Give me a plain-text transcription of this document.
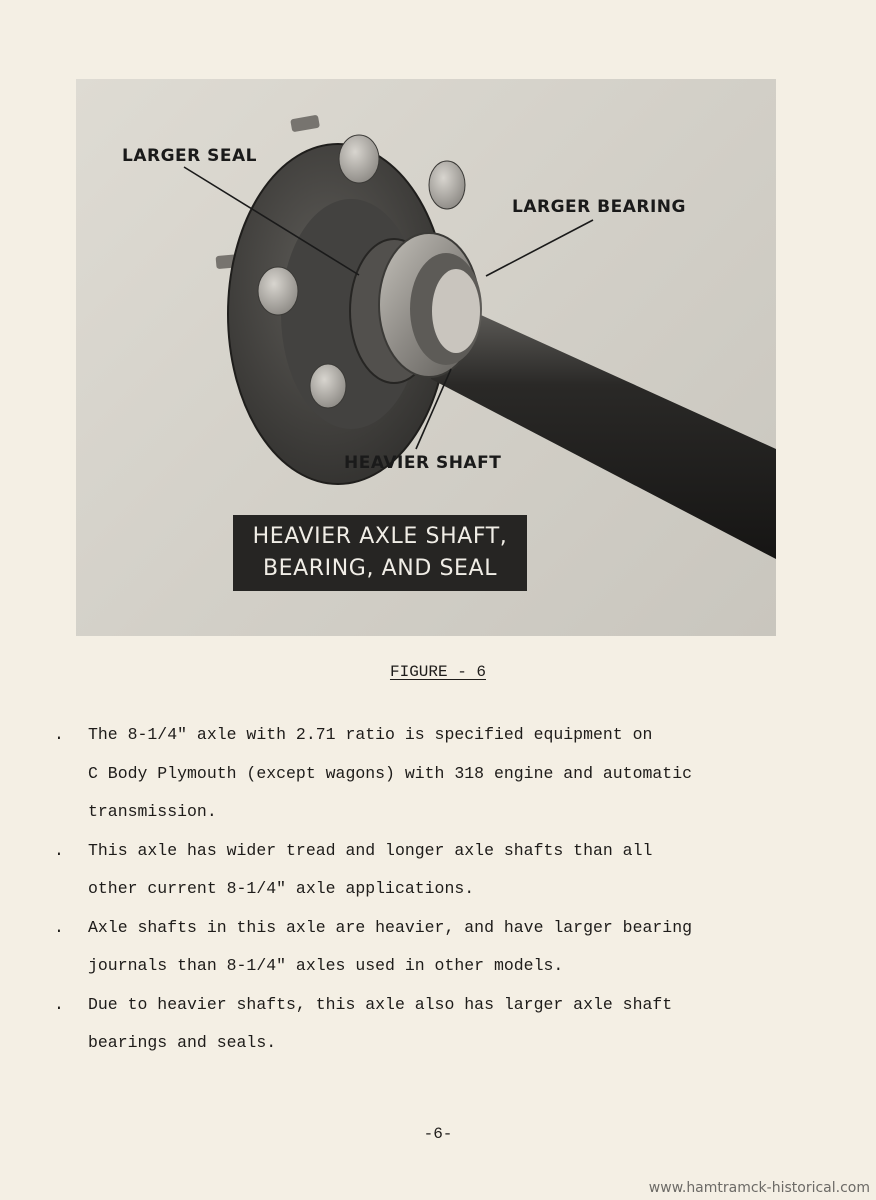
LARGER SEAL
LARGER BEARING
HEAVIER SHAFT
HEAVIER AXLE SHAFT,
BEARING, AND SEAL
FIGURE - 6
. The 8-1/4" axle with 2.71 ratio is specified equipment on
C Body Plymouth (except wagons) with 318 engine and automatic
transmission.
. This axle has wider tread and longer axle shafts than all
other current 8-1/4" axle applications.
. Axle shafts in this axle are heavier, and have larger bearing
journals than 8-1/4" axles used in other models.
. Due to heavier shafts, this axle also has larger axle shaft
bearings and seals.
-6-
www.hamtramck-historical.com
